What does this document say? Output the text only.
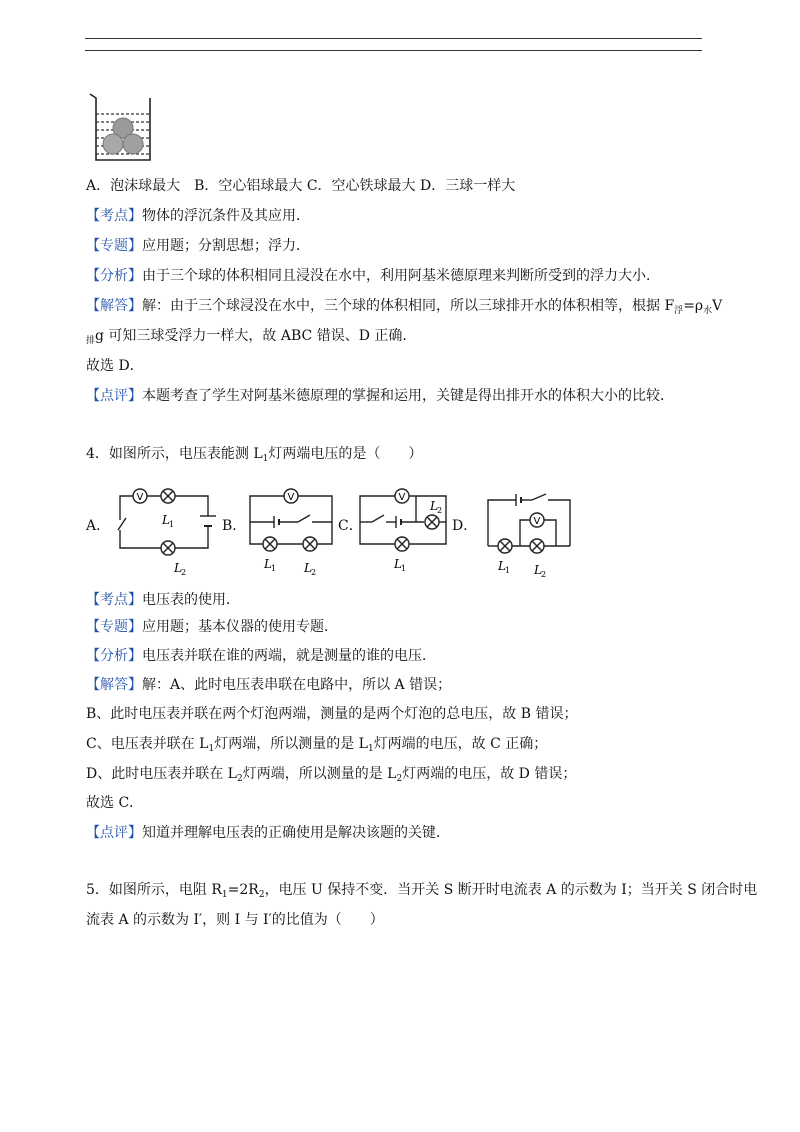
A．泡沫球最大　B．空心铝球最大 C．空心铁球最大 D．三球一样大
【考点】物体的浮沉条件及其应用．
【专题】应用题；分割思想；浮力．
【分析】由于三个球的体积相同且浸没在水中，利用阿基米德原理来判断所受到的浮力大小．
【解答】解：由于三个球浸没在水中，三个球的体积相同，所以三球排开水的体积相等，根据 $F_浮=\rho_水V$
$_排$g 可知三球受浮力一样大，故 ABC 错误、D 正确．
故选 D．
【点评】本题考查了学生对阿基米德原理的掌握和运用，关键是得出排开水的体积大小的比较．
4．如图所示，电压表能测 $L_1$灯两端电压的是（　　）
A．
V
L 1
L 2
B．
V
L 1 L 2
C．
V
L 2
L 1
D．	V
L 1 L 2
【考点】电压表的使用．
【专题】应用题；基本仪器的使用专题．
【分析】电压表并联在谁的两端，就是测量的谁的电压．
【解答】解：A、此时电压表串联在电路中，所以 A 错误；
B、此时电压表并联在两个灯泡两端，测量的是两个灯泡的总电压，故 B 错误；
C、电压表并联在 $L_1$灯两端，所以测量的是 $L_1$灯两端的电压，故 C 正确；
D、此时电压表并联在 $L_2$灯两端，所以测量的是 $L_2$灯两端的电压，故 D 错误；
故选 C．
【点评】知道并理解电压表的正确使用是解决该题的关键．
5．如图所示，电阻 $R_1=2R_2$，电压 U 保持不变．当开关 S 断开时电流表 A 的示数为 I；当开关 S 闭合时电
流表 A 的示数为 I′，则 I 与 I′的比值为（　　）
